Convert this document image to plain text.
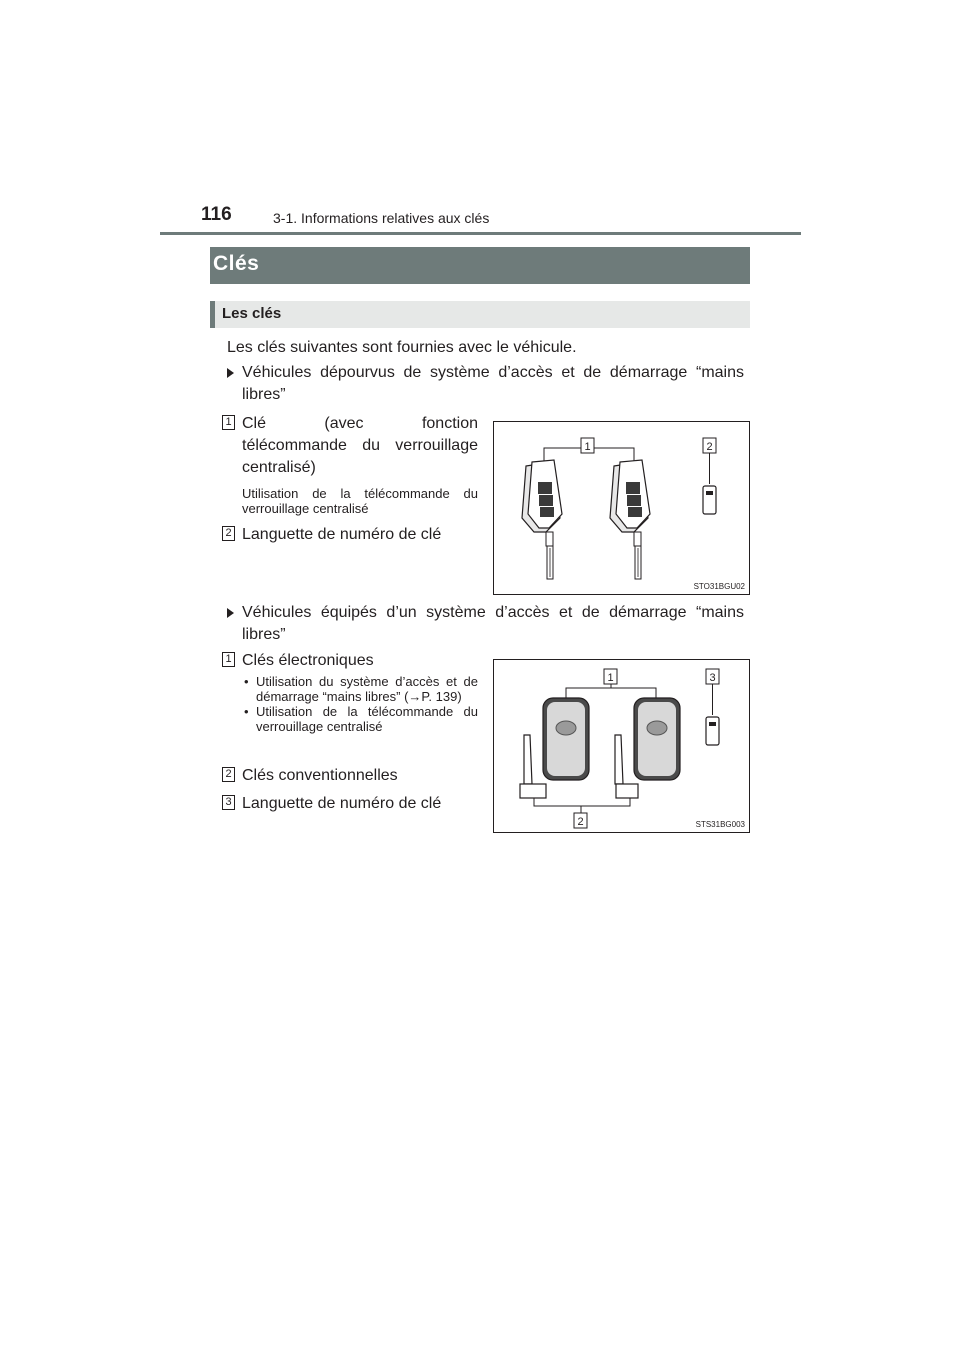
116	3-1. Informations relatives aux clés
Clés
Les clés
Les clés suivantes sont fournies avec le véhicule.
Véhicules dépourvus de système d’accès et de démarrage “mains libres”
1 Clé (avec fonction télécommande du verrouillage centralisé)
Utilisation de la télécommande du verrouillage centralisé
2 Languette de numéro de clé
1	2
STO31BGU02
Véhicules équipés d’un système d’accès et de démarrage “mains libres”
1 Clés électroniques
• Utilisation du système d’accès et de démarrage “mains libres” (→P. 139)
• Utilisation de la télécommande du verrouillage centralisé
2 Clés conventionnelles
3 Languette de numéro de clé
1	3
2	STS31BG003
